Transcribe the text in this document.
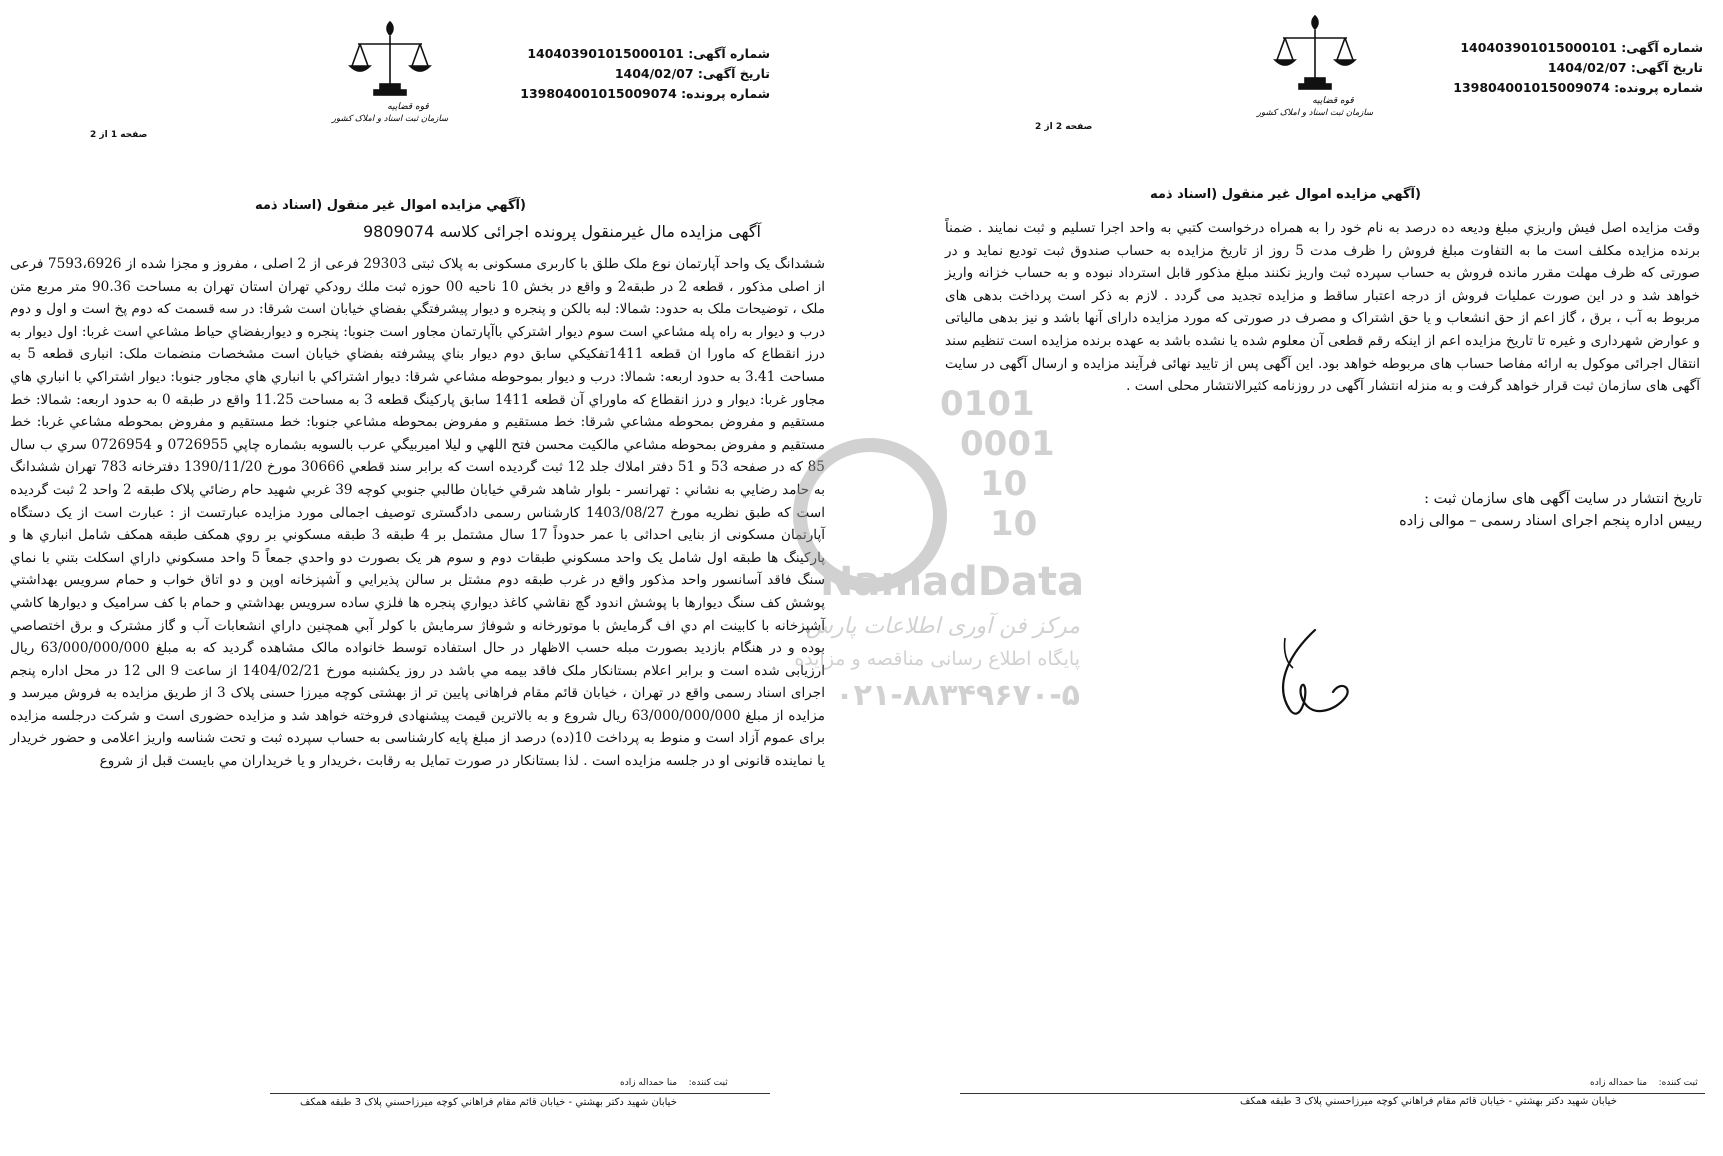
شماره آگهی: 140403901015000101
تاریخ آگهی: 1404/02/07
شماره پرونده: 139804001015009074
صفحه 1 از 2
(آگهي مزايده اموال غير منقول (اسناد ذمه
آگهی مزایده مال غیرمنقول پرونده اجرائی کلاسه 9809074
ششدانگ یک واحد آپارتمان نوع ملک طلق با کاربری مسکونی به پلاک ثبتی 29303 فرعی از 2 اصلی ، مفروز و مجزا شده از 7593،6926 فرعی از اصلی مذکور ، قطعه 2 در طبقه2 و واقع در بخش 10 ناحیه 00 حوزه ثبت ملك رودكي تهران استان تهران به مساحت 90.36 متر مربع متن ملک ، توضیحات ملک به حدود: شمالا: لبه بالكن و پنجره و ديوار پيشرفتگي بفضاي خيابان است شرقا: در سه قسمت كه دوم پخ است و اول و دوم درب و ديوار به راه پله مشاعي است سوم ديوار اشتركي باآپارتمان مجاور است جنوبا: پنجره و ديواربفضاي حياط مشاعي است غربا: اول ديوار به درز انقطاع كه ماورا ان قطعه 1411تفكيكي سابق دوم ديوار بناي پيشرفته بفضاي خيابان است مشخصات منضمات ملک: انباری قطعه 5 به مساحت 3.41 به حدود اربعه: شمالا: درب و ديوار بموحوطه مشاعي شرقا: ديوار اشتراكي با انباري هاي مجاور جنوبا: ديوار اشتراكي با انباري هاي مجاور غربا: ديوار و درز انقطاع كه ماوراي آن قطعه 1411 سابق پاركينگ قطعه 3 به مساحت 11.25 واقع در طبقه 0 به حدود اربعه: شمالا: خط مستقيم و مفروض بمحوطه مشاعي شرقا: خط مستقيم و مفروض بمحوطه مشاعي جنوبا: خط مستقيم و مفروض بمحوطه مشاعي غربا: خط مستقيم و مفروض بمحوطه مشاعي مالكيت محسن فتح اللهي و ليلا اميربيگي عرب بالسويه بشماره چاپي 0726955 و 0726954 سري ب سال 85 كه در صفحه 53 و 51 دفتر املاك جلد 12 ثبت گرديده است كه برابر سند قطعي 30666 مورخ 1390/11/20 دفترخانه 783 تهران ششدانگ به حامد رضايي به نشاني : تهرانسر - بلوار شاهد شرقي خيابان طالبي جنوبي كوچه 39 غربي شهيد حام رضائي پلاک طبقه 2 واحد 2 ثبت گرديده است که طبق نظريه مورخ 1403/08/27 کارشناس رسمی دادگستری توصیف اجمالی مورد مزایده عبارتست از : عبارت است از یک دستگاه آپارتمان مسکونی از بنایی احداثی با عمر حدوداً 17 سال مشتمل بر 4 طبقه 3 طبقه مسکوني بر روي همکف طبقه همکف شامل انباري ها و پارکينگ ها طبقه اول شامل يک واحد مسکوني طبقات دوم و سوم هر يک بصورت دو واحدي جمعاً 5 واحد مسکوني داراي اسکلت بتني با نماي سنگ فاقد آسانسور واحد مذکور واقع در غرب طبقه دوم مشتل بر سالن پذيرايي و آشپزخانه اوپن و دو اتاق خواب و حمام سرويس بهداشتي پوشش کف سنگ ديوارها با پوشش اندود گچ نقاشي کاغذ ديواري پنجره ها فلزي ساده سرويس بهداشتي و حمام با کف سراميک و ديوارها کاشي آشپزخانه با کابينت ام دي اف گرمايش با موتورخانه و شوفاژ سرمايش با کولر آبي همچنين داراي انشعابات آب و گاز مشترک و برق اختصاصي بوده و در هنگام بازديد بصورت مبله حسب الاظهار در حال استفاده توسط خانواده مالک مشاهده گرديد که به مبلغ 63/000/000/000 ريال ارزيابی شده است و برابر اعلام بستانكار ملک فاقد بيمه مي باشد در روز یکشنبه مورخ 1404/02/21 از ساعت 9 الی 12 در محل اداره پنجم اجرای اسناد رسمی واقع در تهران ، خیابان قائم مقام فراهانی پایین تر از بهشتی کوچه میرزا حسنی پلاک 3 از طریق مزایده به فروش میرسد و مزایده از مبلغ 63/000/000/000 ریال شروع و به بالاترین قیمت پیشنهادی فروخته خواهد شد و مزایده حضوری است و شرکت درجلسه مزایده برای عموم آزاد است و منوط به پرداخت 10(ده) درصد از مبلغ پایه کارشناسی به حساب سپرده ثبت و تحت شناسه واریز اعلامی و حضور خریدار یا نماینده قانونی او در جلسه مزایده است . لذا بستانكار در صورت تمایل به رقابت ،خریدار و یا خریداران مي بايست قبل از شروع
ثبت کننده:    منا حمداله زاده
خيابان شهيد دکتر بهشتي - خيابان قائم مقام فراهاني کوچه ميرزاحسني پلاک 3 طبقه همکف
قوه قضاییه
سازمان ثبت اسناد و املاک کشور
شماره آگهی: 140403901015000101
تاریخ آگهی: 1404/02/07
شماره پرونده: 139804001015009074
صفحه 2 از 2
(آگهي مزايده اموال غير منقول (اسناد ذمه
وقت مزایده اصل فیش واریزي مبلغ وديعه ده درصد به نام خود را به همراه درخواست كتبي به واحد اجرا تسليم و ثبت نمايند . ضمناً برنده مزایده مکلف است ما به التفاوت مبلغ فروش را ظرف مدت 5 روز از تاریخ مزایده به حساب صندوق ثبت تودیع نماید و در صورتی که ظرف مهلت مقرر مانده فروش به حساب سپرده ثبت واریز نکنند مبلغ مذکور قابل استرداد نبوده و به حساب خزانه واریز خواهد شد و در این صورت عملیات فروش از درجه اعتبار ساقط و مزایده تجدید می گردد . لازم به ذکر است پرداخت بدهی های مربوط به آب ، برق ، گاز اعم از حق انشعاب و یا حق اشتراک و مصرف در صورتی که مورد مزایده دارای آنها باشد و نیز بدهی مالیاتی و عوارض شهرداری و غیره تا تاریخ مزایده اعم از اینکه رقم قطعی آن معلوم شده یا نشده باشد به عهده برنده مزایده است تنظیم سند انتقال اجرائی موکول به ارائه مفاصا حساب های مربوطه خواهد بود. این آگهی پس از تایید نهائی فرآیند مزایده و ارسال آگهی در سایت آگهی های سازمان ثبت قرار خواهد گرفت و به منزله انتشار آگهی در روزنامه کثیرالانتشار محلی است .
تاریخ انتشار در سایت آگهی های سازمان ثبت :
رییس اداره پنجم اجرای اسناد رسمی – موالی زاده
قوه قضاییه
سازمان ثبت اسناد و املاک کشور
ثبت کننده:    منا حمداله زاده
خيابان شهيد دکتر بهشتي - خيابان قائم مقام فراهاني کوچه ميرزاحسني پلاک 3 طبقه همکف
0101
0001
10
10
NamadData
مرکز فن آوری اطلاعات پارس
پایگاه اطلاع رسانی مناقصه و مزایده
۰۲۱-۸۸۳۴۹۶۷۰-۵
